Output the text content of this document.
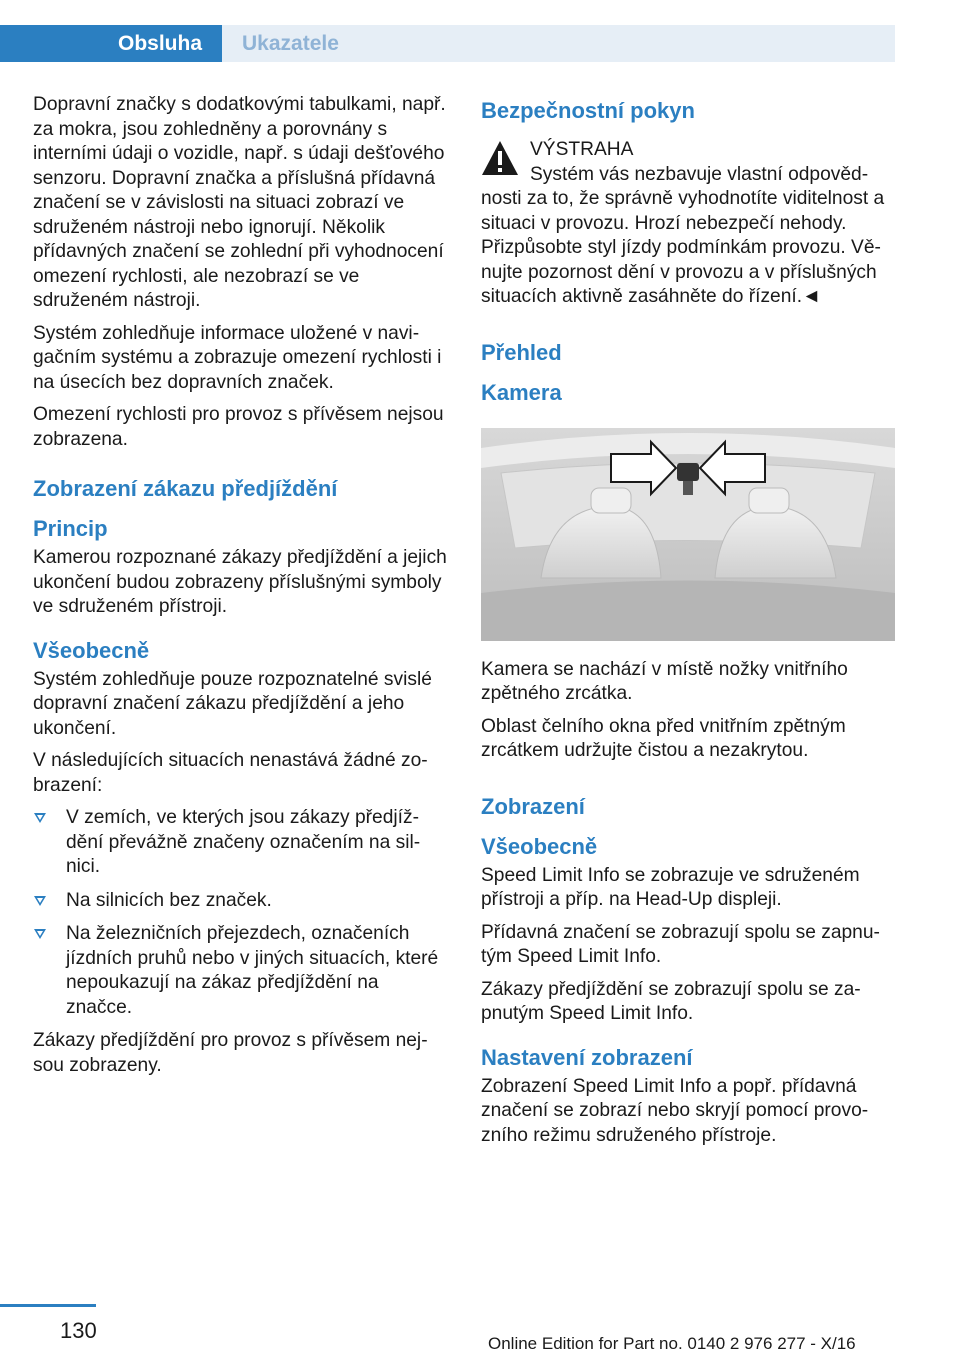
Obsluha	Ukazatele

Dopravní značky s dodatkovými tabulkami, např. za mokra, jsou zohledněny a porovnány s interními údaji o vozidle, např. s údaji dešťového senzoru. Dopravní značka a příslušná přídavná značení se v závislosti na situaci zobrazí ve sdruženém nástroji nebo ignorují. Několik přídavných značení se zohlední při vyhodnocení omezení rychlosti, ale nezobrazí se ve sdruženém nástroji.

Systém zohledňuje informace uložené v navigačním systému a zobrazuje omezení rychlosti i na úsecích bez dopravních značek.

Omezení rychlosti pro provoz s přívěsem nejsou zobrazena.

Zobrazení zákazu předjíždění
Princip

Kamerou rozpoznané zákazy předjíždění a jejich ukončení budou zobrazeny příslušnými symboly ve sdruženém přístroji.

Všeobecně

Systém zohledňuje pouze rozpoznatelné svislé dopravní značení zákazu předjíždění a jeho ukončení.

V následujících situacích nenastává žádné zobrazení:

V zemích, ve kterých jsou zákazy předjíždění převážně značeny označením na silnici.
Na silnicích bez značek.
Na železničních přejezdech, označeních jízdních pruhů nebo v jiných situacích, které nepoukazují na zákaz předjíždění na značce.

Zákazy předjíždění pro provoz s přívěsem nejsou zobrazeny.

Bezpečnostní pokyn
VÝSTRAHA
Systém vás nezbavuje vlastní odpovědnosti za to, že správně vyhodnotíte viditelnost a situaci v provozu. Hrozí nebezpečí nehody. Přizpůsobte styl jízdy podmínkám provozu. Věnujte pozornost dění v provozu a v příslušných situacích aktivně zasáhněte do řízení.◄
Přehled
Kamera

Kamera se nachází v místě nožky vnitřního zpětného zrcátka.

Oblast čelního okna před vnitřním zpětným zrcátkem udržujte čistou a nezakrytou.

Zobrazení
Všeobecně

Speed Limit Info se zobrazuje ve sdruženém přístroji a příp. na Head-Up displeji.

Přídavná značení se zobrazují spolu se zapnutým Speed Limit Info.

Zákazy předjíždění se zobrazují spolu se zapnutým Speed Limit Info.

Nastavení zobrazení

Zobrazení Speed Limit Info a popř. přídavná značení se zobrazí nebo skryjí pomocí provozního režimu sdruženého přístroje.

130
Online Edition for Part no. 0140 2 976 277 - X/16
